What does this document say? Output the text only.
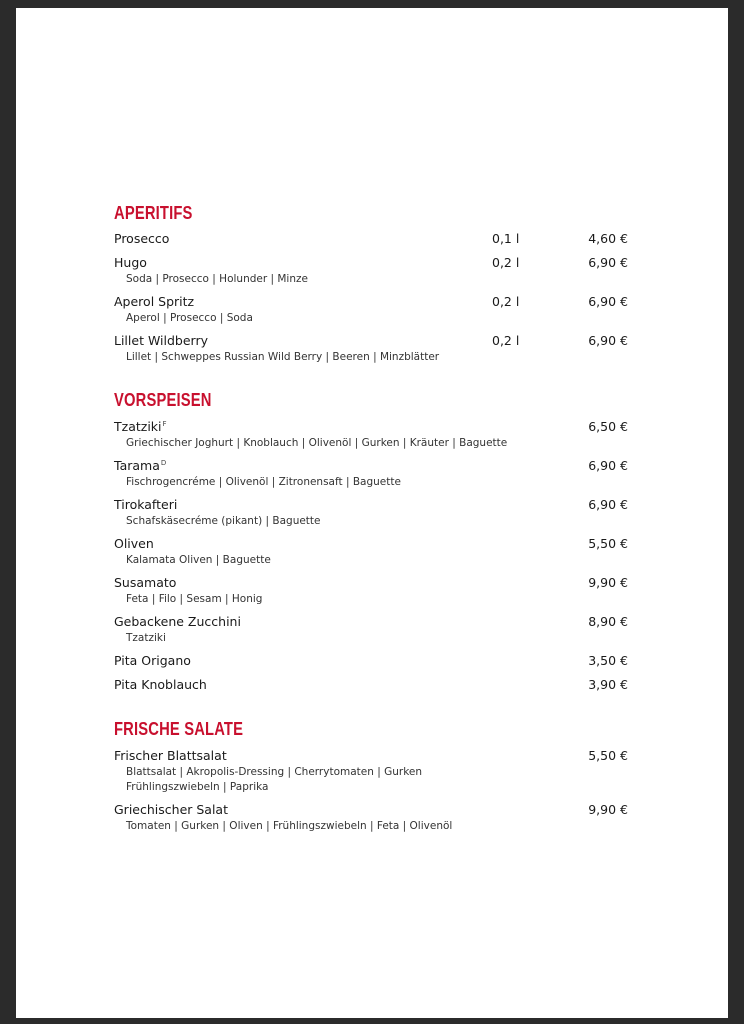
APERITIFS
Prosecco	0,1 l	4,60 €
Hugo	0,2 l	6,90 €
Soda | Prosecco | Holunder | Minze
Aperol Spritz	0,2 l	6,90 €
Aperol | Prosecco | Soda
Lillet Wildberry	0,2 l	6,90 €
Lillet | Schweppes Russian Wild Berry | Beeren | Minzblätter
VORSPEISEN
Tzatziki$^F$	6,50 €
Griechischer Joghurt | Knoblauch | Olivenöl | Gurken | Kräuter | Baguette
Tarama$^D$	6,90 €
Fischrogencréme | Olivenöl | Zitronensaft | Baguette
Tirokafteri	6,90 €
Schafskäsecréme (pikant) | Baguette
Oliven	5,50 €
Kalamata Oliven | Baguette
Susamato	9,90 €
Feta | Filo | Sesam | Honig
Gebackene Zucchini	8,90 €
Tzatziki
Pita Origano	3,50 €
Pita Knoblauch	3,90 €
FRISCHE SALATE
Frischer Blattsalat	5,50 €
Blattsalat | Akropolis-Dressing | Cherrytomaten | Gurken
Frühlingszwiebeln | Paprika
Griechischer Salat	9,90 €
Tomaten | Gurken | Oliven | Frühlingszwiebeln | Feta | Olivenöl
